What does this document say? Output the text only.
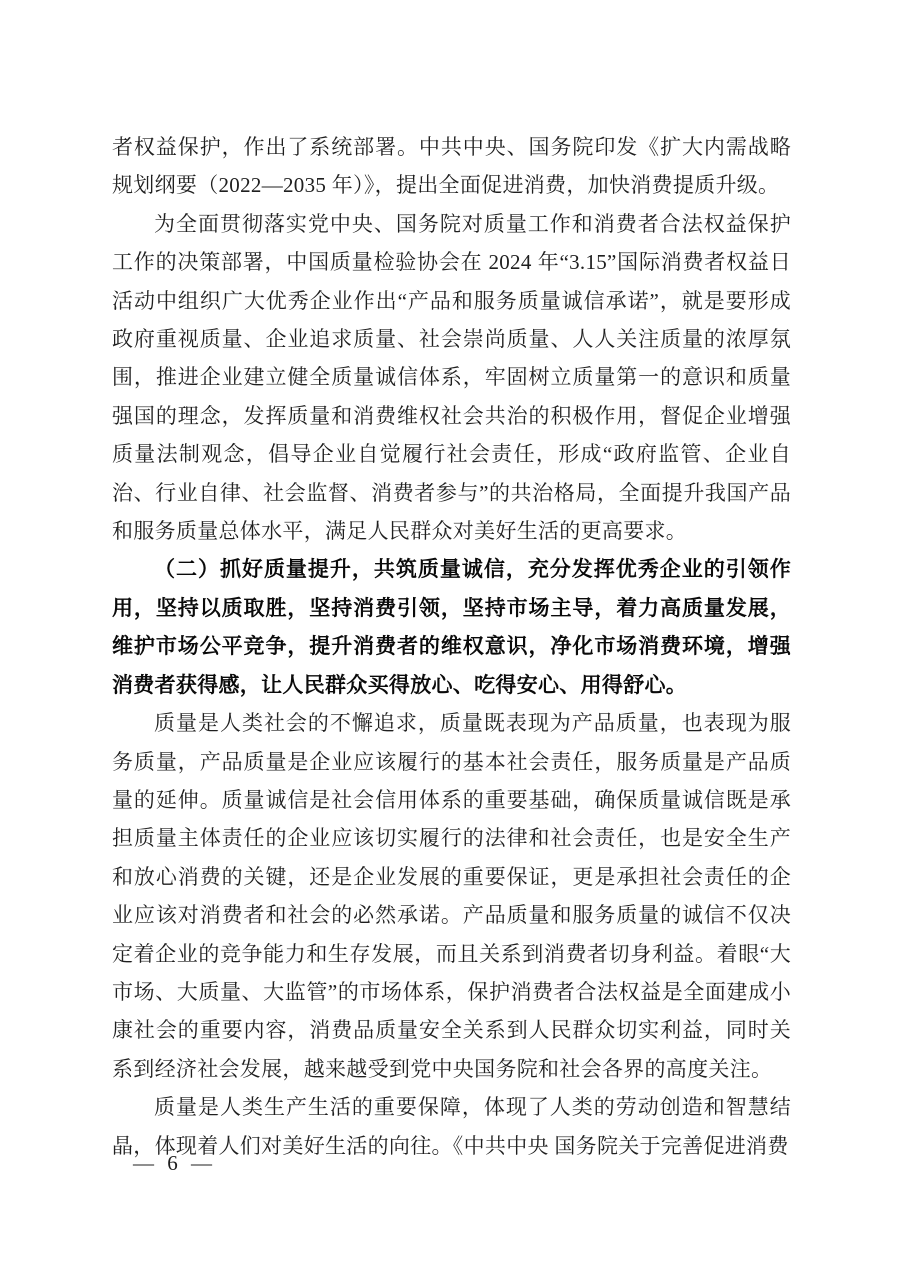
者权益保护，作出了系统部署。中共中央、国务院印发《扩大内需战略规划纲要（2022—2035 年）》，提出全面促进消费，加快消费提质升级。

为全面贯彻落实党中央、国务院对质量工作和消费者合法权益保护工作的决策部署，中国质量检验协会在 2024 年“3.15”国际消费者权益日活动中组织广大优秀企业作出“产品和服务质量诚信承诺”，就是要形成政府重视质量、企业追求质量、社会崇尚质量、人人关注质量的浓厚氛围，推进企业建立健全质量诚信体系，牢固树立质量第一的意识和质量强国的理念，发挥质量和消费维权社会共治的积极作用，督促企业增强质量法制观念，倡导企业自觉履行社会责任，形成“政府监管、企业自治、行业自律、社会监督、消费者参与”的共治格局，全面提升我国产品和服务质量总体水平，满足人民群众对美好生活的更高要求。

（二）抓好质量提升，共筑质量诚信，充分发挥优秀企业的引领作用，坚持以质取胜，坚持消费引领，坚持市场主导，着力高质量发展，维护市场公平竞争，提升消费者的维权意识，净化市场消费环境，增强消费者获得感，让人民群众买得放心、吃得安心、用得舒心。

质量是人类社会的不懈追求，质量既表现为产品质量，也表现为服务质量，产品质量是企业应该履行的基本社会责任，服务质量是产品质量的延伸。质量诚信是社会信用体系的重要基础，确保质量诚信既是承担质量主体责任的企业应该切实履行的法律和社会责任，也是安全生产和放心消费的关键，还是企业发展的重要保证，更是承担社会责任的企业应该对消费者和社会的必然承诺。产品质量和服务质量的诚信不仅决定着企业的竞争能力和生存发展，而且关系到消费者切身利益。着眼“大市场、大质量、大监管”的市场体系，保护消费者合法权益是全面建成小康社会的重要内容，消费品质量安全关系到人民群众切实利益，同时关系到经济社会发展，越来越受到党中央国务院和社会各界的高度关注。

质量是人类生产生活的重要保障，体现了人类的劳动创造和智慧结晶，体现着人们对美好生活的向往。《中共中央 国务院关于完善促进消费

— 6 —
